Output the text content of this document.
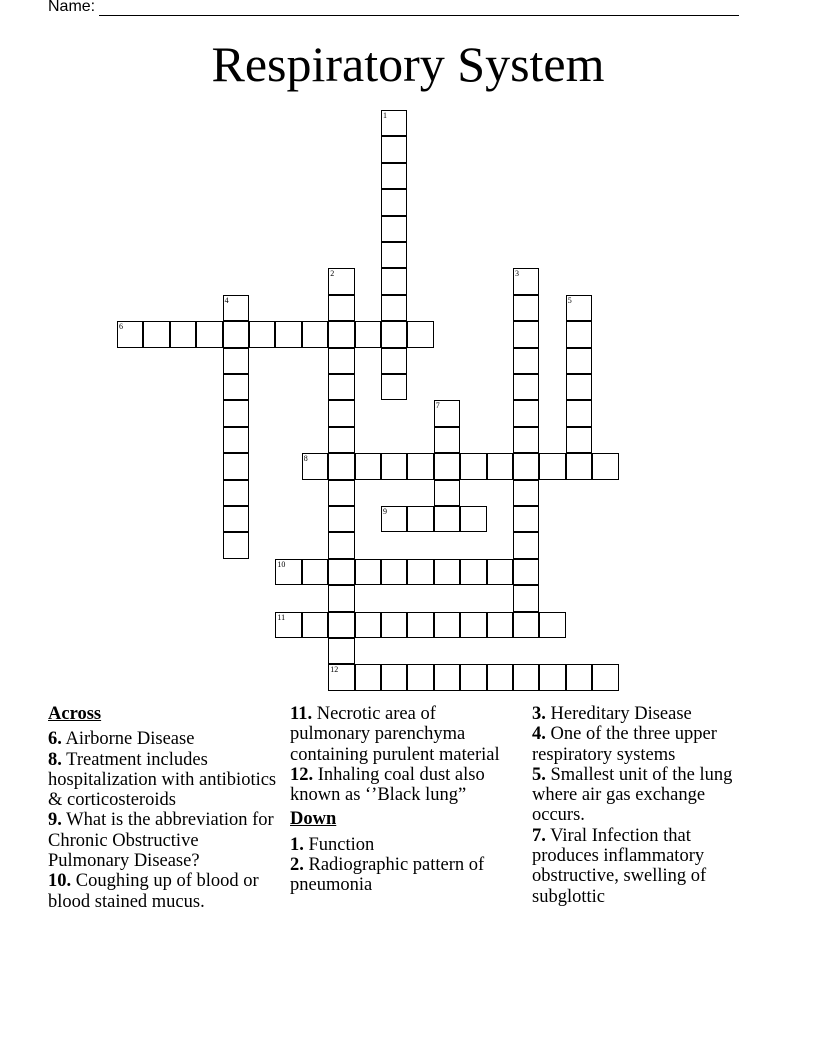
Name:
Respiratory System
6
8
9
10
11
12
1
2	3
4	5
7
Across
6. Airborne Disease
8. Treatment includes hospitalization with antibiotics & corticosteroids
9. What is the abbreviation for Chronic Obstructive Pulmonary Disease?
10. Coughing up of blood or blood stained mucus.
11. Necrotic area of pulmonary parenchyma containing purulent material
12. Inhaling coal dust also known as ‘’Black lung”
Down
1. Function
2. Radiographic pattern of pneumonia
3. Hereditary Disease
4. One of the three upper respiratory systems
5. Smallest unit of the lung where air gas exchange occurs.
7. Viral Infection that produces inflammatory obstructive, swelling of subglottic
